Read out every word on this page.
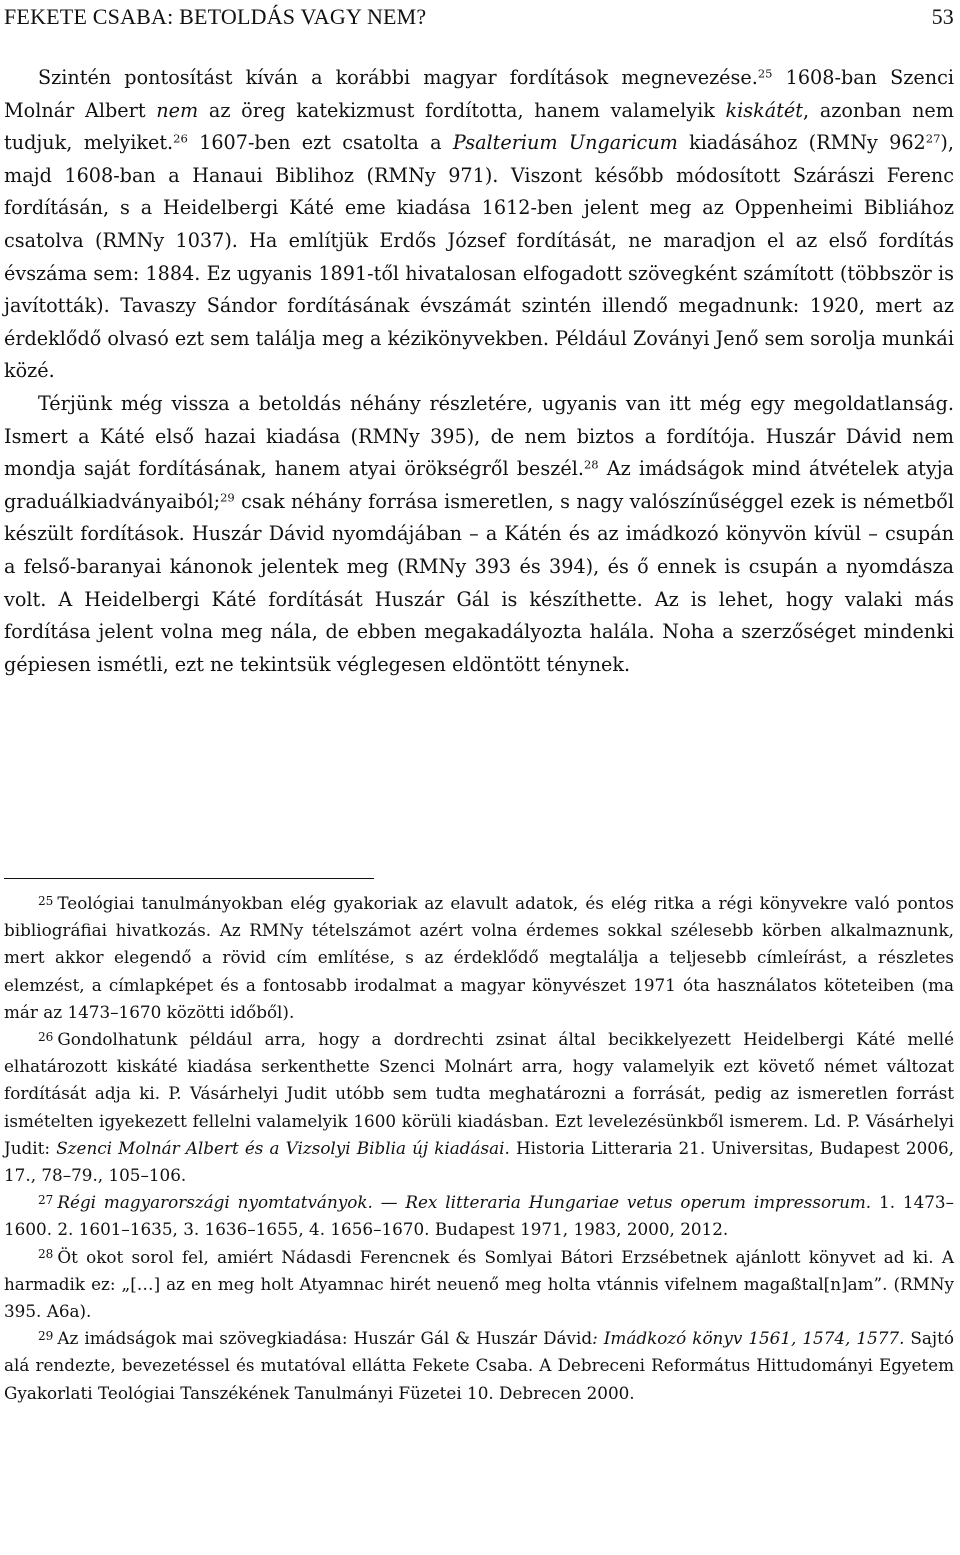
FEKETE CSABA: BETOLDÁS VAGY NEM?	53

Szintén pontosítást kíván a korábbi magyar fordítások megnevezése.$^{25}$ 1608-ban Szenci Molnár Albert nem az öreg katekizmust fordította, hanem valamelyik kiskátét, azonban nem tudjuk, melyiket.$^{26}$ 1607-ben ezt csatolta a Psalterium Ungaricum kiadásához (RMNy $962^{27}$), majd 1608-ban a Hanaui Biblihoz (RMNy 971). Viszont később módosított Szárászi Ferenc fordításán, s a Heidelbergi Káté eme kiadása 1612-ben jelent meg az Oppenheimi Bibliához csatolva (RMNy 1037). Ha említjük Erdős József fordítását, ne maradjon el az első fordítás évszáma sem: 1884. Ez ugyanis 1891-től hivatalosan elfogadott szövegként számított (többször is javították). Tavaszy Sándor fordításának évszámát szintén illendő megadnunk: 1920, mert az érdeklődő olvasó ezt sem találja meg a kézikönyvekben. Például Zoványi Jenő sem sorolja munkái közé.

Térjünk még vissza a betoldás néhány részletére, ugyanis van itt még egy megoldatlanság. Ismert a Káté első hazai kiadása (RMNy 395), de nem biztos a fordítója. Huszár Dávid nem mondja saját fordításának, hanem atyai örökségről beszél.$^{28}$ Az imádságok mind átvételek atyja graduálkiadványaiból;$^{29}$ csak néhány forrása ismeretlen, s nagy valószínűséggel ezek is németből készült fordítások. Huszár Dávid nyomdájában – a Kátén és az imádkozó könyvön kívül – csupán a felső-baranyai kánonok jelentek meg (RMNy 393 és 394), és ő ennek is csupán a nyomdásza volt. A Heidelbergi Káté fordítását Huszár Gál is készíthette. Az is lehet, hogy valaki más fordítása jelent volna meg nála, de ebben megakadályozta halála. Noha a szerzőséget mindenki gépiesen ismétli, ezt ne tekintsük véglegesen eldöntött ténynek.

$^{25}$ Teológiai tanulmányokban elég gyakoriak az elavult adatok, és elég ritka a régi könyvekre való pontos bibliográfiai hivatkozás. Az RMNy tételszámot azért volna érdemes sokkal szélesebb körben alkalmaznunk, mert akkor elegendő a rövid cím említése, s az érdeklődő megtalálja a teljesebb címleírást, a részletes elemzést, a címlapképet és a fontosabb irodalmat a magyar könyvészet 1971 óta használatos köteteiben (ma már az 1473–1670 közötti időből).

$^{26}$ Gondolhatunk például arra, hogy a dordrechti zsinat által becikkelyezett Heidelbergi Káté mellé elhatározott kiskáté kiadása serkenthette Szenci Molnárt arra, hogy valamelyik ezt követő német változat fordítását adja ki. P. Vásárhelyi Judit utóbb sem tudta meghatározni a forrását, pedig az ismeretlen forrást ismételten igyekezett fellelni valamelyik 1600 körüli kiadásban. Ezt levelezésünkből ismerem. Ld. P. Vásárhelyi Judit: Szenci Molnár Albert és a Vizsolyi Biblia új kiadásai. Historia Litteraria 21. Universitas, Budapest 2006, 17., 78–79., 105–106.

$^{27}$ Régi magyarországi nyomtatványok. — Rex litteraria Hungariae vetus operum impressorum. 1. 1473–1600. 2. 1601–1635, 3. 1636–1655, 4. 1656–1670. Budapest 1971, 1983, 2000, 2012.

$^{28}$ Öt okot sorol fel, amiért Nádasdi Ferencnek és Somlyai Bátori Erzsébetnek ajánlott könyvet ad ki. A harmadik ez: „[…] az en meg holt Atyamnac hirét neuenő meg holta vtánnis vifelnem magaßtal[n]am”. (RMNy 395. A6a).

$^{29}$ Az imádságok mai szövegkiadása: Huszár Gál & Huszár Dávid: Imádkozó könyv 1561, 1574, 1577. Sajtó alá rendezte, bevezetéssel és mutatóval ellátta Fekete Csaba. A Debreceni Református Hittudományi Egyetem Gyakorlati Teológiai Tanszékének Tanulmányi Füzetei 10. Debrecen 2000.
